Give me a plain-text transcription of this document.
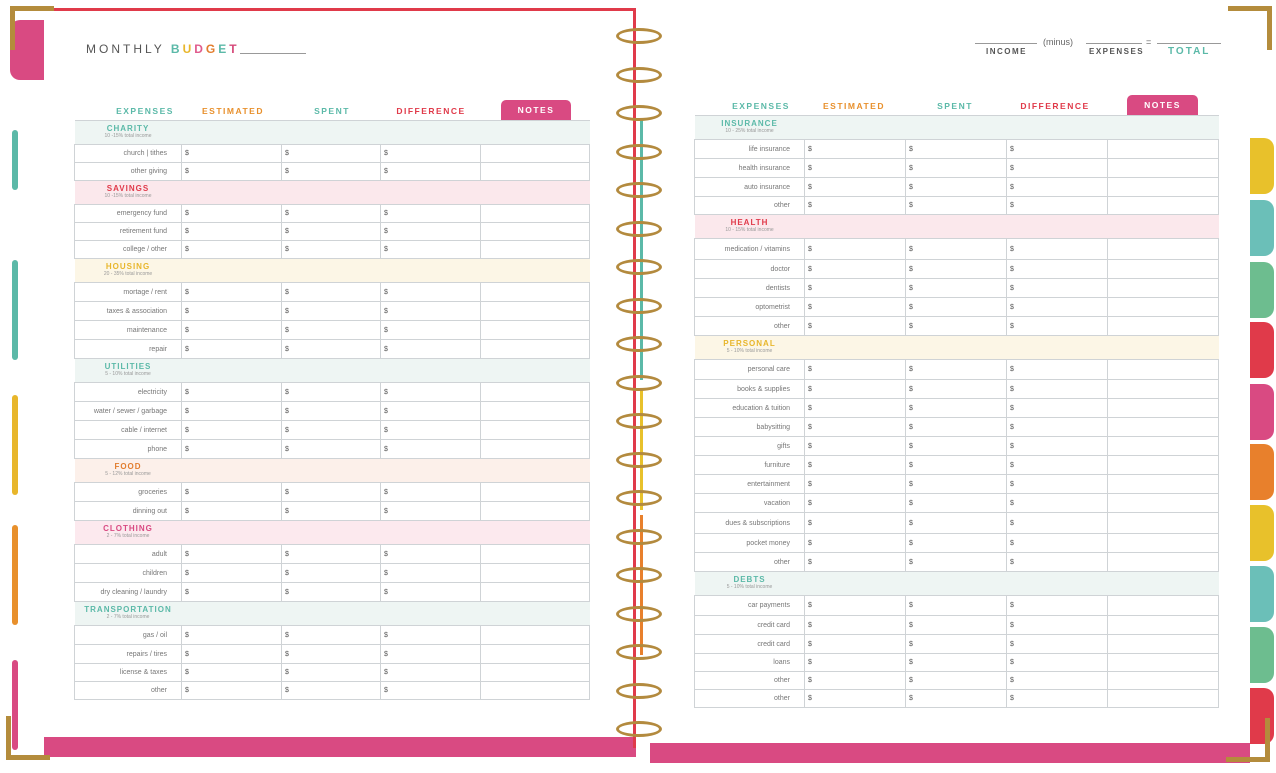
MONTHLY BUDGET
EXPENSES	ESTIMATED	SPENT	DIFFERENCE	NOTES
CHARITY
10 -15% total income				

church | tithes	$	$	$	
other giving	$	$	$	

SAVINGS
10 -15% total income				

emergency fund	$	$	$	
retirement fund	$	$	$	
college / other	$	$	$	

HOUSING
20 - 35% total income				

mortage / rent	$	$	$	
taxes & association	$	$	$	
maintenance	$	$	$	
repair	$	$	$	

UTILITIES
5 - 10% total income				

electricity	$	$	$	
water / sewer / garbage	$	$	$	
cable / internet	$	$	$	
phone	$	$	$	

FOOD
5 - 12% total income				

groceries	$	$	$	
dinning out	$	$	$	

CLOTHING
2 - 7% total income				

adult	$	$	$	
children	$	$	$	
dry cleaning / laundry	$	$	$	

TRANSPORTATION
2 - 7% total income				

gas / oil	$	$	$	
repairs / tires	$	$	$	
license & taxes	$	$	$	
other	$	$	$	
INCOME
(minus)
EXPENSES
=
TOTAL
EXPENSES	ESTIMATED	SPENT	DIFFERENCE	NOTES
INSURANCE
10 - 25% total income				

life insurance	$	$	$	
health insurance	$	$	$	
auto insurance	$	$	$	
other	$	$	$	

HEALTH
10 - 15% total income				

medication / vitamins	$	$	$	
doctor	$	$	$	
dentists	$	$	$	
optometrist	$	$	$	
other	$	$	$	

PERSONAL
5 - 10% total income				

personal care	$	$	$	
books & supplies	$	$	$	
education & tuition	$	$	$	
babysitting	$	$	$	
gifts	$	$	$	
furniture	$	$	$	
entertainment	$	$	$	
vacation	$	$	$	
dues & subscriptions	$	$	$	
pocket money	$	$	$	
other	$	$	$	

DEBTS
5 - 10% total income				

car payments	$	$	$	
credit card	$	$	$	
credit card	$	$	$	
loans	$	$	$	
other	$	$	$	
other	$	$	$	
